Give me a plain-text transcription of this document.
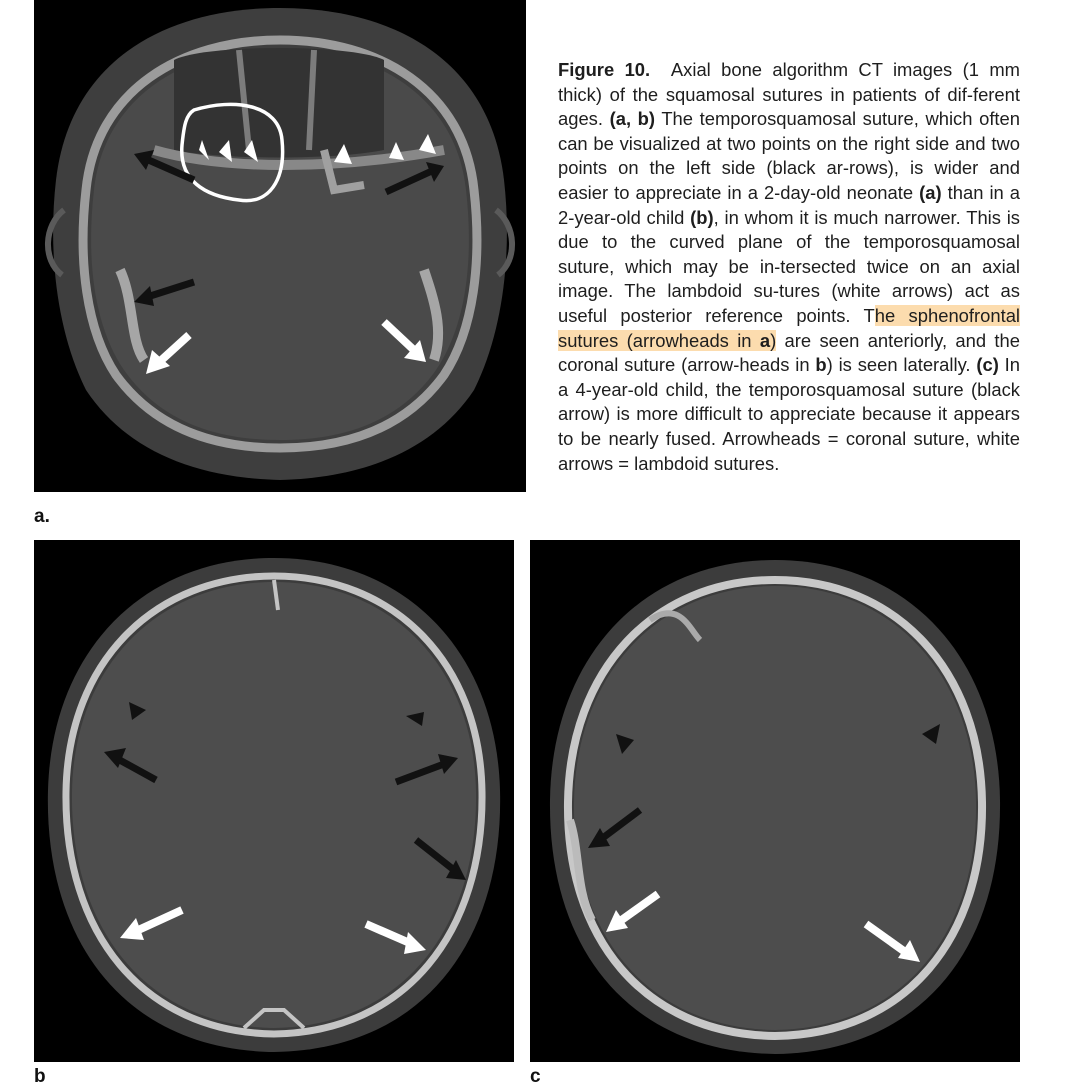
Figure 10. Axial bone algorithm CT images (1 mm thick) of the squamosal sutures in patients of dif-ferent ages. (a, b) The temporosquamosal suture, which often can be visualized at two points on the right side and two points on the left side (black ar-rows), is wider and easier to appreciate in a 2-day-old neonate (a) than in a 2-year-old child (b), in whom it is much narrower. This is due to the curved plane of the temporosquamosal suture, which may be in-tersected twice on an axial image. The lambdoid su-tures (white arrows) act as useful posterior reference points. The sphenofrontal sutures (arrowheads in a) are seen anteriorly, and the coronal suture (arrow-heads in b) is seen laterally. (c) In a 4-year-old child, the temporosquamosal suture (black arrow) is more difficult to appreciate because it appears to be nearly fused. Arrowheads = coronal suture, white arrows = lambdoid sutures.
a.
b	c
